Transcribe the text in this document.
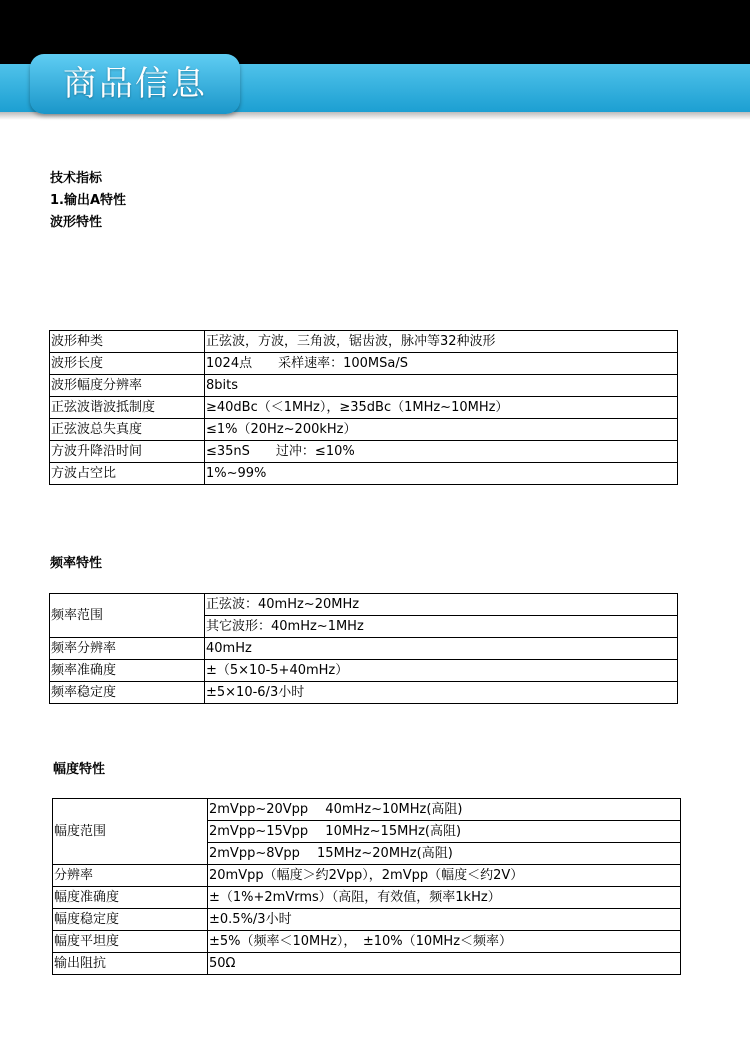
商品信息
技术指标
1.输出A特性
波形特性
波形种类	正弦波，方波，三角波，锯齿波，脉冲等32种波形
波形长度	1024点　　采样速率：100MSa/S
波形幅度分辨率	8bits
正弦波谐波抵制度	≥40dBc（＜1MHz），≥35dBc（1MHz~10MHz）
正弦波总失真度	≤1%（20Hz~200kHz）
方波升降沿时间	≤35nS　　过冲：≤10%
方波占空比	1%~99%
频率特性
频率范围	正弦波：40mHz~20MHz
	其它波形：40mHz~1MHz
频率分辨率	40mHz
频率准确度	±（5×10-5+40mHz）
频率稳定度	±5×10-6/3小时
幅度特性
幅度范围	2mVpp~20Vpp　 40mHz~10MHz(高阻)
	2mVpp~15Vpp　 10MHz~15MHz(高阻)
	2mVpp~8Vpp　 15MHz~20MHz(高阻)
分辨率	20mVpp（幅度＞约2Vpp），2mVpp（幅度＜约2V）
幅度准确度	±（1%+2mVrms）（高阻，有效值，频率1kHz）
幅度稳定度	±0.5%/3小时
幅度平坦度	±5%（频率＜10MHz），　±10%（10MHz＜频率）
输出阻抗	50Ω
